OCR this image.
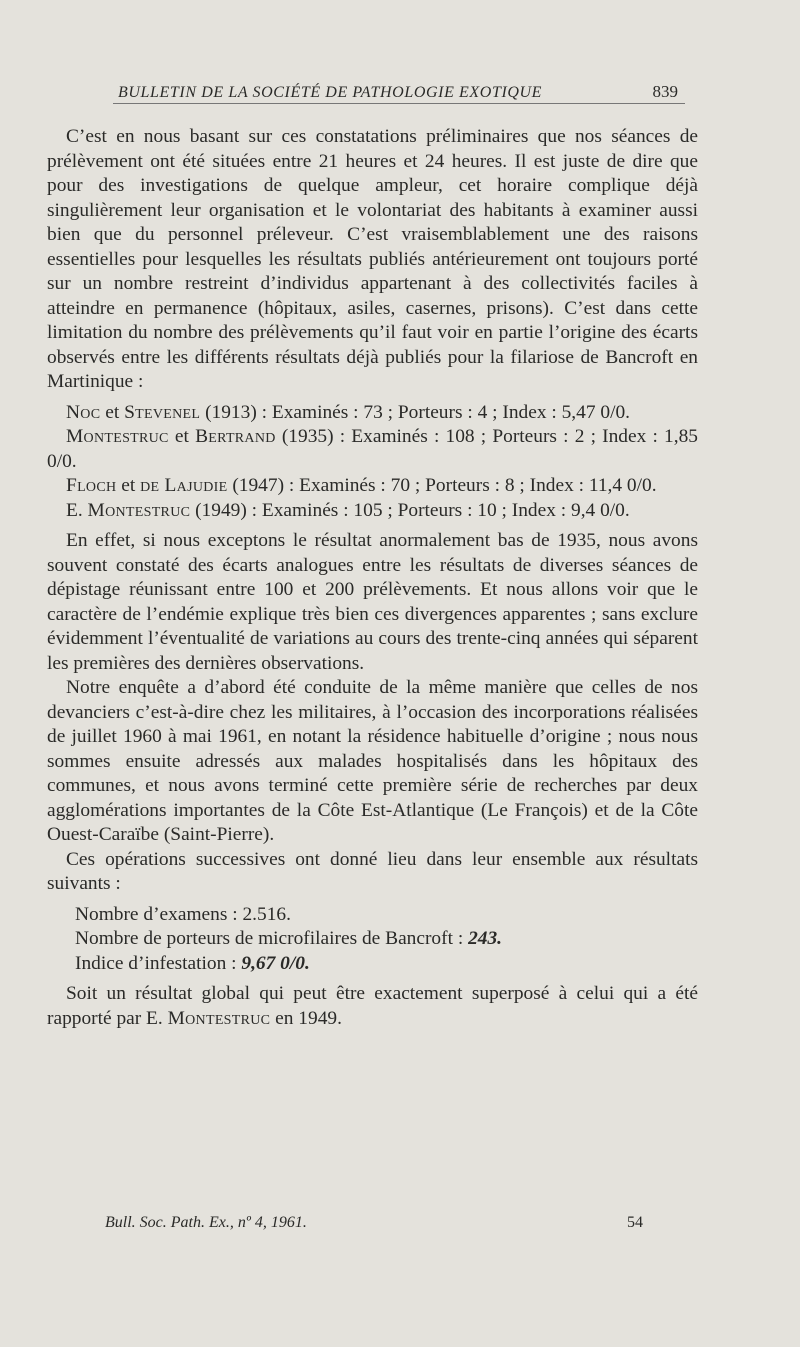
BULLETIN DE LA SOCIÉTÉ DE PATHOLOGIE EXOTIQUE	839

C’est en nous basant sur ces constatations préliminaires que nos séances de prélèvement ont été situées entre 21 heures et 24 heures. Il est juste de dire que pour des investigations de quelque ampleur, cet horaire complique déjà singulièrement leur organisation et le volontariat des habitants à examiner aussi bien que du personnel préleveur. C’est vraisemblablement une des raisons essentielles pour lesquelles les résultats publiés antérieurement ont toujours porté sur un nombre restreint d’individus appartenant à des collectivités faciles à atteindre en permanence (hôpitaux, asiles, casernes, prisons). C’est dans cette limitation du nombre des prélèvements qu’il faut voir en partie l’origine des écarts observés entre les différents résultats déjà publiés pour la filariose de Bancroft en Martinique :

Noc et Stevenel (1913) : Examinés : 73 ; Porteurs : 4 ; Index : 5,47 0/0.

Montestruc et Bertrand (1935) : Examinés : 108 ; Porteurs : 2 ; Index : 1,85 0/0.

Floch et de Lajudie (1947) : Examinés : 70 ; Porteurs : 8 ; Index : 11,4 0/0.

E. Montestruc (1949) : Examinés : 105 ; Porteurs : 10 ; Index : 9,4 0/0.

En effet, si nous exceptons le résultat anormalement bas de 1935, nous avons souvent constaté des écarts analogues entre les résultats de diverses séances de dépistage réunissant entre 100 et 200 prélèvements. Et nous allons voir que le caractère de l’endémie explique très bien ces divergences apparentes ; sans exclure évidemment l’éventualité de variations au cours des trente-cinq années qui séparent les premières des dernières observations.

Notre enquête a d’abord été conduite de la même manière que celles de nos devanciers c’est-à-dire chez les militaires, à l’occasion des incorporations réalisées de juillet 1960 à mai 1961, en notant la résidence habituelle d’origine ; nous nous sommes ensuite adressés aux malades hospitalisés dans les hôpitaux des communes, et nous avons terminé cette première série de recherches par deux agglomérations importantes de la Côte Est-Atlantique (Le François) et de la Côte Ouest-Caraïbe (Saint-Pierre).

Ces opérations successives ont donné lieu dans leur ensemble aux résultats suivants :

Nombre d’examens : 2.516.
Nombre de porteurs de microfilaires de Bancroft : 243.
Indice d’infestation : 9,67 0/0.

Soit un résultat global qui peut être exactement superposé à celui qui a été rapporté par E. Montestruc en 1949.

Bull. Soc. Path. Ex., nº 4, 1961.	54
